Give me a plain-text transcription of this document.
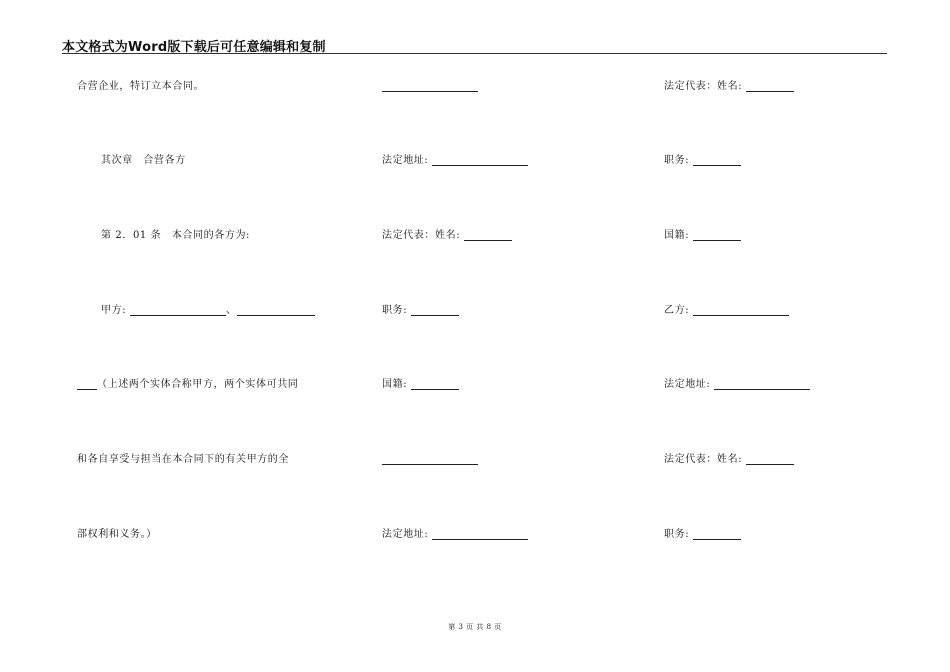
本文格式为Word版下载后可任意编辑和复制
合营企业，特订立本合同。
其次章　合营各方
第 2．01 条　本合同的各方为:
甲方:	、
（上述两个实体合称甲方，两个实体可共同
和各自享受与担当在本合同下的有关甲方的全
部权利和义务。）
法定地址:
法定代表：姓名:
职务:
国籍:
法定地址:
法定代表：姓名:
职务:
国籍:
乙方:
法定地址:
法定代表：姓名:
职务:
第 3 页 共 8 页
